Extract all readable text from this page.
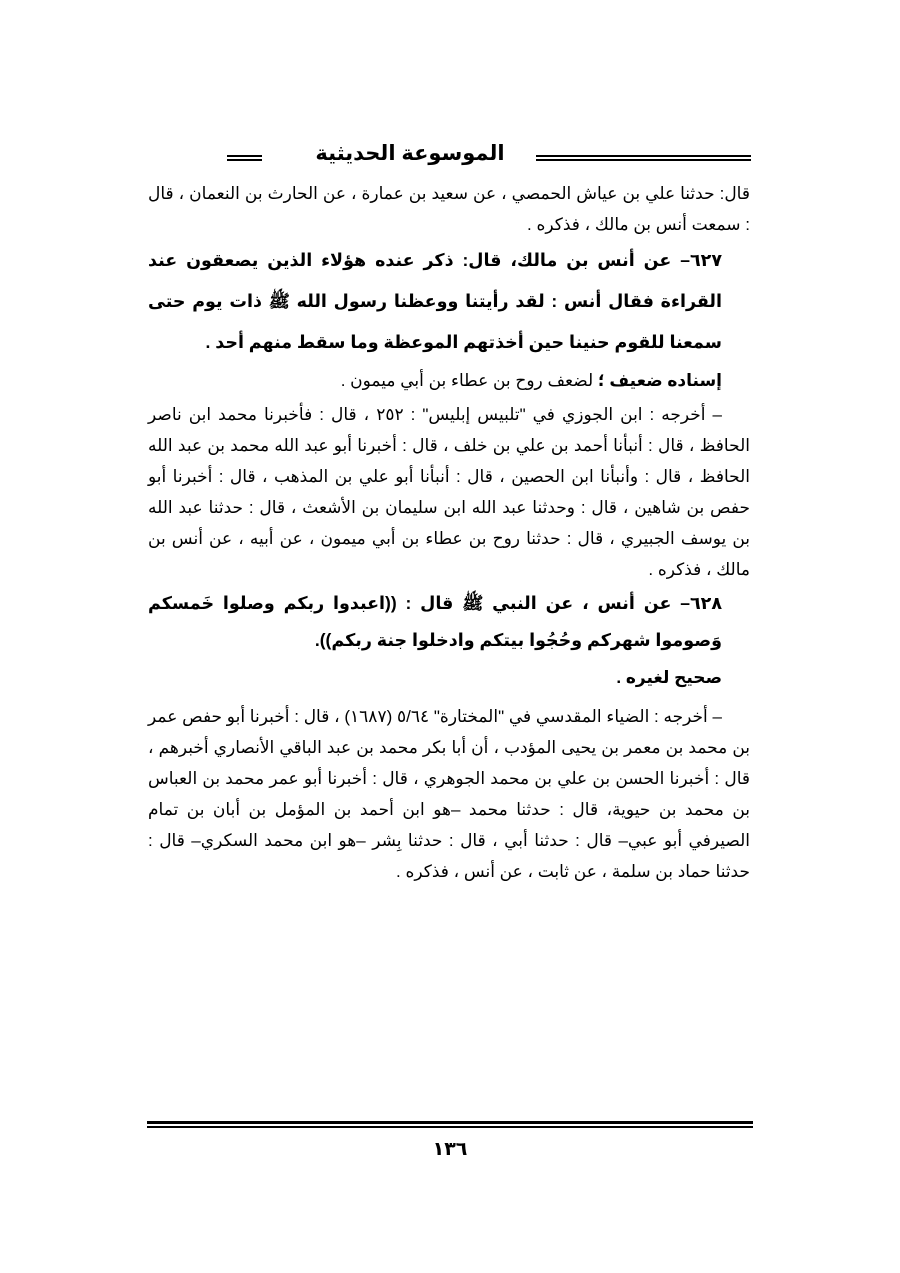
الموسوعة الحديثية

قال: حدثنا علي بن عياش الحمصي ، عن سعيد بن عمارة ، عن الحارث بن النعمان ، قال : سمعت أنس بن مالك ، فذكره .

٦٢٧– عن أنس بن مالك، قال: ذكر عنده هؤلاء الذين يصعقون عند القراءة فقال أنس : لقد رأيتنا ووعظنا رسول الله ﷺ ذات يوم حتى سمعنا للقوم حنينا حين أخذتهم الموعظة وما سقط منهم أحد .

إسناده ضعيف ؛ لضعف روح بن عطاء بن أبي ميمون .

– أخرجه : ابن الجوزي في "تلبيس إبليس" : ٢٥٢ ، قال : فأخبرنا محمد ابن ناصر الحافظ ، قال : أنبأنا أحمد بن علي بن خلف ، قال : أخبرنا أبو عبد الله محمد بن عبد الله الحافظ ، قال : وأنبأنا ابن الحصين ، قال : أنبأنا أبو علي بن المذهب ، قال : أخبرنا أبو حفص بن شاهين ، قال : وحدثنا عبد الله ابن سليمان بن الأشعث ، قال : حدثنا عبد الله بن يوسف الجبيري ، قال : حدثنا روح بن عطاء بن أبي ميمون ، عن أبيه ، عن أنس بن مالك ، فذكره .

٦٢٨– عن أنس ، عن النبي ﷺ قال : ((اعبدوا ربكم وصلوا خَمسكم وَصوموا شهركم وحُجُوا بيتكم وادخلوا جنة ربكم)).

صحيح لغيره .

– أخرجه : الضياء المقدسي في "المختارة" ٥/٦٤ (١٦٨٧) ، قال : أخبرنا أبو حفص عمر بن محمد بن معمر بن يحيى المؤدب ، أن أبا بكر محمد بن عبد الباقي الأنصاري أخبرهم ، قال : أخبرنا الحسن بن علي بن محمد الجوهري ، قال : أخبرنا أبو عمر محمد بن العباس بن محمد بن حيوية، قال : حدثنا محمد –هو ابن أحمد بن المؤمل بن أبان بن تمام الصيرفي أبو عبي– قال : حدثنا أبي ، قال : حدثنا بِشر –هو ابن محمد السكري– قال : حدثنا حماد بن سلمة ، عن ثابت ، عن أنس ، فذكره .

١٣٦
